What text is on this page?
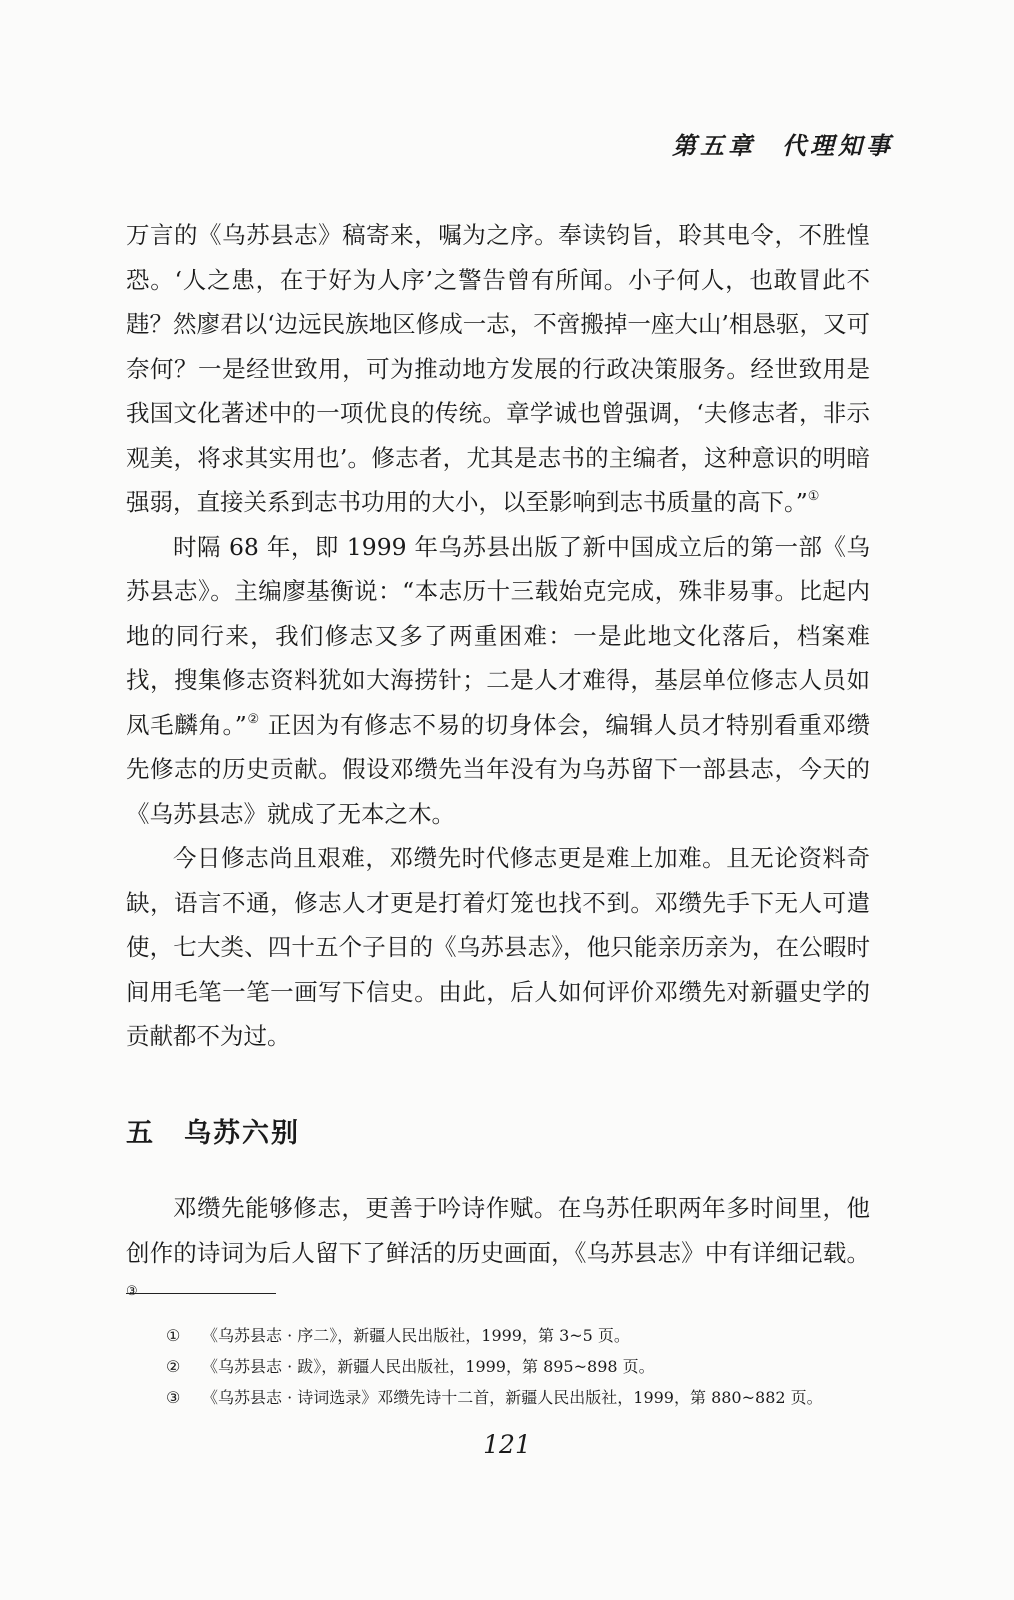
第五章 代理知事

万言的《乌苏县志》稿寄来，嘱为之序。奉读钧旨，聆其电令，不胜惶恐。‘人之患，在于好为人序’之警告曾有所闻。小子何人，也敢冒此不韪？然廖君以‘边远民族地区修成一志，不啻搬掉一座大山’相恳驱，又可奈何？一是经世致用，可为推动地方发展的行政决策服务。经世致用是我国文化著述中的一项优良的传统。章学诚也曾强调，‘夫修志者，非示观美，将求其实用也’。修志者，尤其是志书的主编者，这种意识的明暗强弱，直接关系到志书功用的大小，以至影响到志书质量的高下。”①

时隔 68 年，即 1999 年乌苏县出版了新中国成立后的第一部《乌苏县志》。主编廖基衡说：“本志历十三载始克完成，殊非易事。比起内地的同行来，我们修志又多了两重困难：一是此地文化落后，档案难找，搜集修志资料犹如大海捞针；二是人才难得，基层单位修志人员如凤毛麟角。”② 正因为有修志不易的切身体会，编辑人员才特别看重邓缵先修志的历史贡献。假设邓缵先当年没有为乌苏留下一部县志，今天的《乌苏县志》就成了无本之木。

今日修志尚且艰难，邓缵先时代修志更是难上加难。且无论资料奇缺，语言不通，修志人才更是打着灯笼也找不到。邓缵先手下无人可遣使，七大类、四十五个子目的《乌苏县志》，他只能亲历亲为，在公暇时间用毛笔一笔一画写下信史。由此，后人如何评价邓缵先对新疆史学的贡献都不为过。

五 乌苏六别

邓缵先能够修志，更善于吟诗作赋。在乌苏任职两年多时间里，他创作的诗词为后人留下了鲜活的历史画面，《乌苏县志》中有详细记载。③

① 《乌苏县志 · 序二》，新疆人民出版社，1999，第 3~5 页。
② 《乌苏县志 · 跋》，新疆人民出版社，1999，第 895~898 页。
③ 《乌苏县志 · 诗词选录》邓缵先诗十二首，新疆人民出版社，1999，第 880~882 页。
121
